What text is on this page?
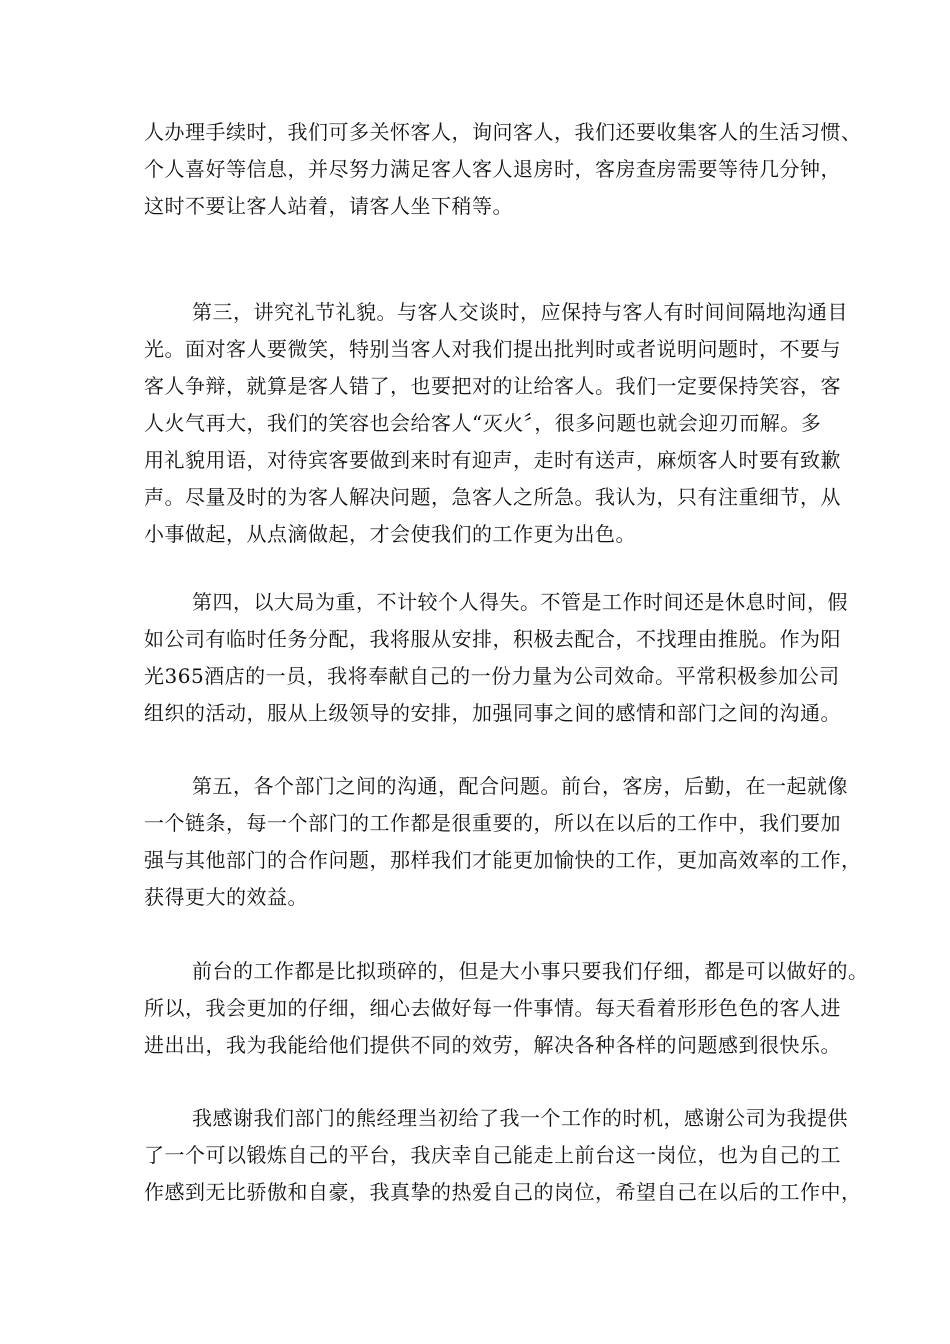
人办理手续时，我们可多关怀客人，询问客人，我们还要收集客人的生活习惯、
个人喜好等信息，并尽努力满足客人客人退房时，客房查房需要等待几分钟，
这时不要让客人站着，请客人坐下稍等。
第三，讲究礼节礼貌。与客人交谈时，应保持与客人有时间间隔地沟通目
光。面对客人要微笑，特别当客人对我们提出批判时或者说明问题时，不要与
客人争辩，就算是客人错了，也要把对的让给客人。我们一定要保持笑容，客
人火气再大，我们的笑容也会给客人“灭火〞，很多问题也就会迎刃而解。多
用礼貌用语，对待宾客要做到来时有迎声，走时有送声，麻烦客人时要有致歉
声。尽量及时的为客人解决问题，急客人之所急。我认为，只有注重细节，从
小事做起，从点滴做起，才会使我们的工作更为出色。
第四，以大局为重，不计较个人得失。不管是工作时间还是休息时间，假
如公司有临时任务分配，我将服从安排，积极去配合，不找理由推脱。作为阳
光365酒店的一员，我将奉献自己的一份力量为公司效命。平常积极参加公司
组织的活动，服从上级领导的安排，加强同事之间的感情和部门之间的沟通。
第五，各个部门之间的沟通，配合问题。前台，客房，后勤，在一起就像
一个链条，每一个部门的工作都是很重要的，所以在以后的工作中，我们要加
强与其他部门的合作问题，那样我们才能更加愉快的工作，更加高效率的工作，
获得更大的效益。
前台的工作都是比拟琐碎的，但是大小事只要我们仔细，都是可以做好的。
所以，我会更加的仔细，细心去做好每一件事情。每天看着形形色色的客人进
进出出，我为我能给他们提供不同的效劳，解决各种各样的问题感到很快乐。
我感谢我们部门的熊经理当初给了我一个工作的时机，感谢公司为我提供
了一个可以锻炼自己的平台，我庆幸自己能走上前台这一岗位，也为自己的工
作感到无比骄傲和自豪，我真挚的热爱自己的岗位，希望自己在以后的工作中，
